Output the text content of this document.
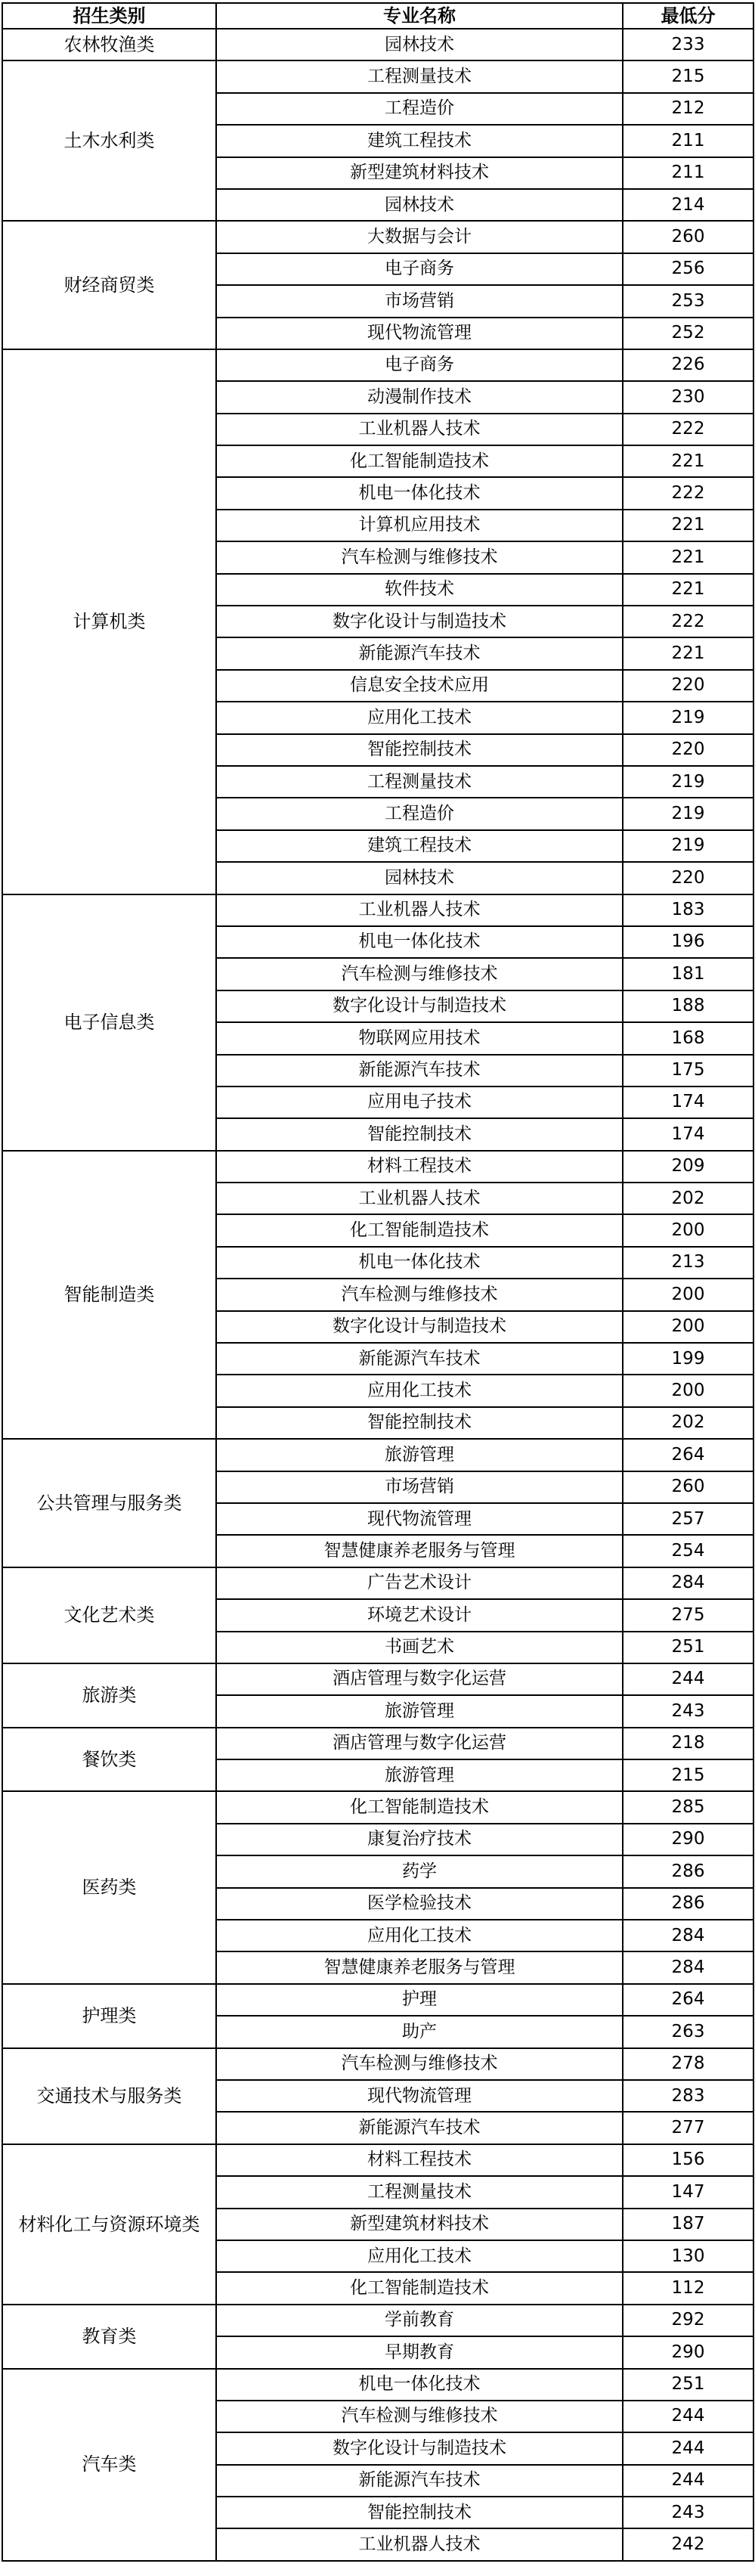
招生类别	专业名称	最低分
农林牧渔类	园林技术	233
土木水利类	工程测量技术	215
	工程造价	212
	建筑工程技术	211
	新型建筑材料技术	211
	园林技术	214
财经商贸类	大数据与会计	260
	电子商务	256
	市场营销	253
	现代物流管理	252
计算机类	电子商务	226
	动漫制作技术	230
	工业机器人技术	222
	化工智能制造技术	221
	机电一体化技术	222
	计算机应用技术	221
	汽车检测与维修技术	221
	软件技术	221
	数字化设计与制造技术	222
	新能源汽车技术	221
	信息安全技术应用	220
	应用化工技术	219
	智能控制技术	220
	工程测量技术	219
	工程造价	219
	建筑工程技术	219
	园林技术	220
电子信息类	工业机器人技术	183
	机电一体化技术	196
	汽车检测与维修技术	181
	数字化设计与制造技术	188
	物联网应用技术	168
	新能源汽车技术	175
	应用电子技术	174
	智能控制技术	174
智能制造类	材料工程技术	209
	工业机器人技术	202
	化工智能制造技术	200
	机电一体化技术	213
	汽车检测与维修技术	200
	数字化设计与制造技术	200
	新能源汽车技术	199
	应用化工技术	200
	智能控制技术	202
公共管理与服务类	旅游管理	264
	市场营销	260
	现代物流管理	257
	智慧健康养老服务与管理	254
文化艺术类	广告艺术设计	284
	环境艺术设计	275
	书画艺术	251
旅游类	酒店管理与数字化运营	244
	旅游管理	243
餐饮类	酒店管理与数字化运营	218
	旅游管理	215
医药类	化工智能制造技术	285
	康复治疗技术	290
	药学	286
	医学检验技术	286
	应用化工技术	284
	智慧健康养老服务与管理	284
护理类	护理	264
	助产	263
交通技术与服务类	汽车检测与维修技术	278
	现代物流管理	283
	新能源汽车技术	277
材料化工与资源环境类	材料工程技术	156
	工程测量技术	147
	新型建筑材料技术	187
	应用化工技术	130
	化工智能制造技术	112
教育类	学前教育	292
	早期教育	290
汽车类	机电一体化技术	251
	汽车检测与维修技术	244
	数字化设计与制造技术	244
	新能源汽车技术	244
	智能控制技术	243
	工业机器人技术	242
